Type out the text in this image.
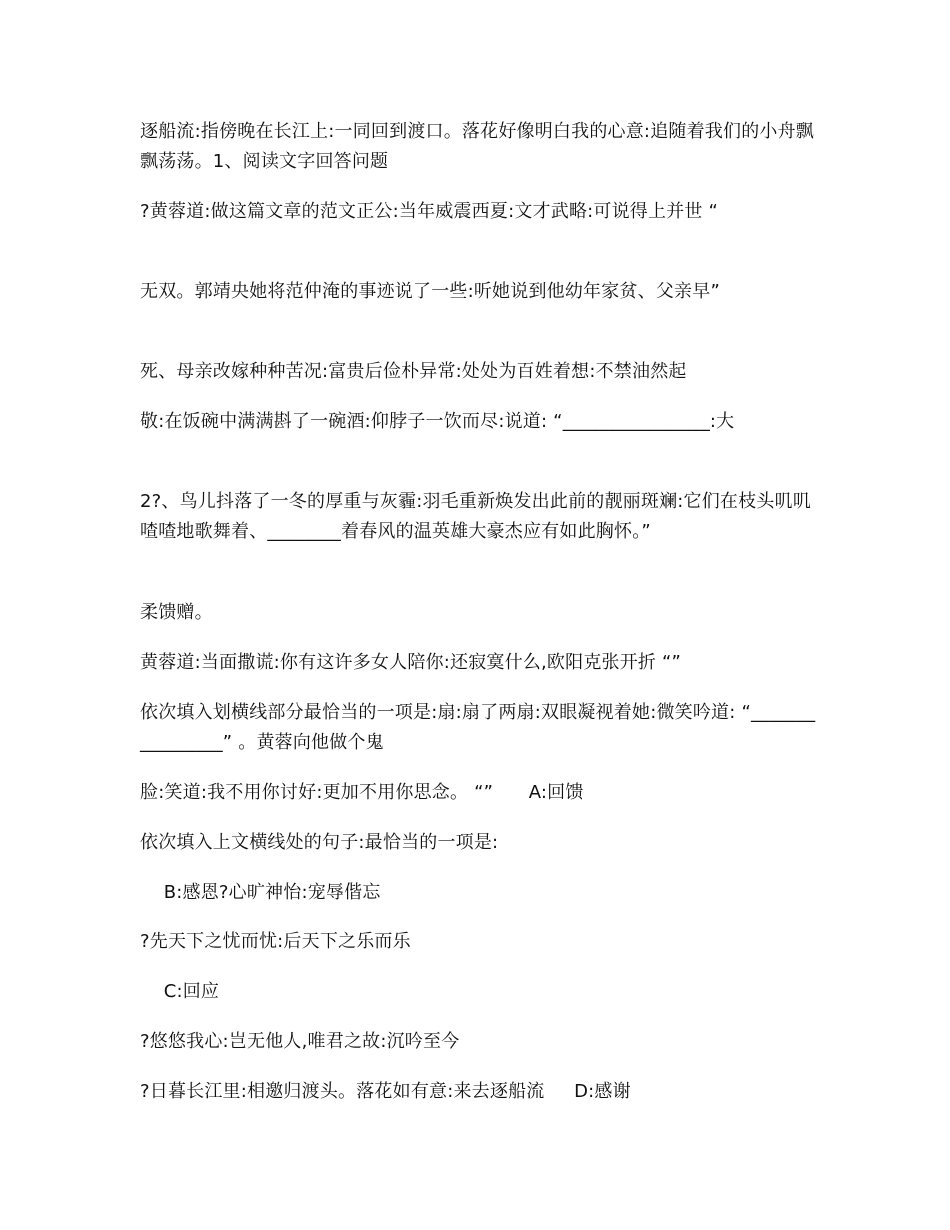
逐船流:指傍晚在长江上:一同回到渡口。落花好像明白我的心意:追随着我们的小舟飘飘荡荡。1、阅读文字回答问题

?黄蓉道:做这篇文章的范文正公:当年威震西夏:文才武略:可说得上并世 “

无双。郭靖央她将范仲淹的事迹说了一些:听她说到他幼年家贫、父亲早”

死、母亲改嫁种种苦况:富贵后俭朴异常:处处为百姓着想:不禁油然起

敬:在饭碗中满满斟了一碗酒:仰脖子一饮而尽:说道: “________________:大

2?、鸟儿抖落了一冬的厚重与灰霾:羽毛重新焕发出此前的靓丽斑斓:它们在枝头叽叽喳喳地歌舞着、________着春风的温英雄大豪杰应有如此胸怀。”

柔馈赠。

黄蓉道:当面撒谎:你有这许多女人陪你:还寂寞什么,欧阳克张开折 “”

依次填入划横线部分最恰当的一项是:扇:扇了两扇:双眼凝视着她:微笑吟道: “________________” 。黄蓉向他做个鬼

脸:笑道:我不用你讨好:更加不用你思念。 “”      A:回馈

依次填入上文横线处的句子:最恰当的一项是:

B:感恩?心旷神怡:宠辱偕忘

?先天下之忧而忧:后天下之乐而乐

C:回应

?悠悠我心:岂无他人,唯君之故:沉吟至今

?日暮长江里:相邀归渡头。落花如有意:来去逐船流     D:感谢
